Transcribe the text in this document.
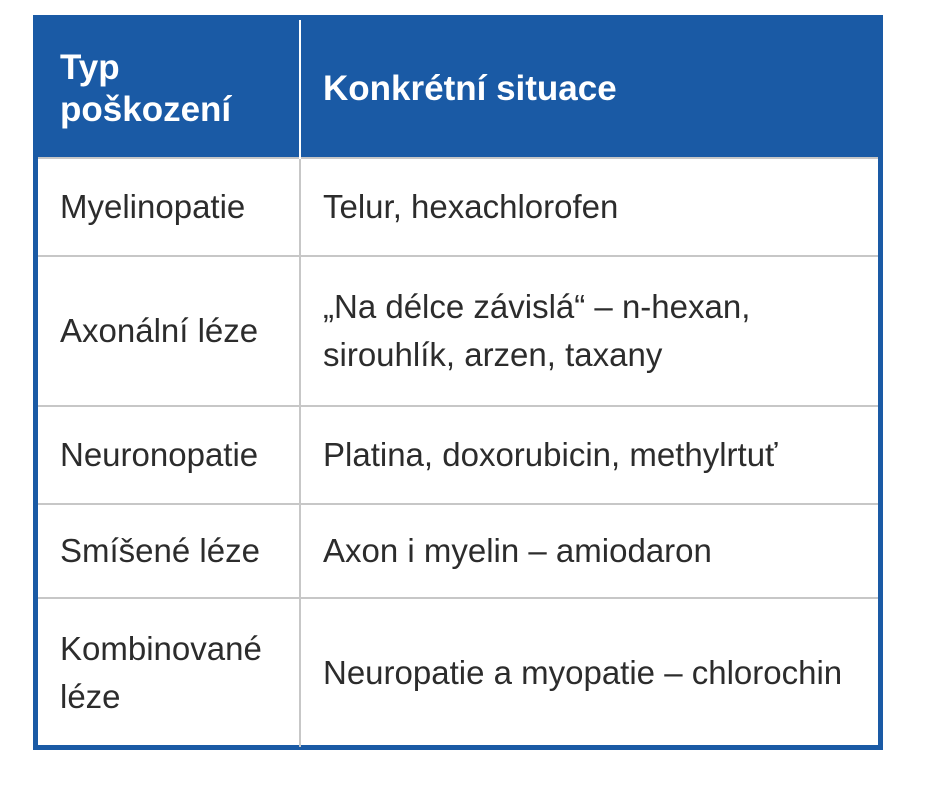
Typ
poškození	Konkrétní situace

Myelinopatie	Telur, hexachlorofen

Axonální léze	„Na délce závislá“ – n-hexan,
sirouhlík, arzen, taxany

Neuronopatie	Platina, doxorubicin, methylrtuť

Smíšené léze	Axon i myelin – amiodaron

Kombinované
léze	Neuropatie a myopatie – chlorochin
